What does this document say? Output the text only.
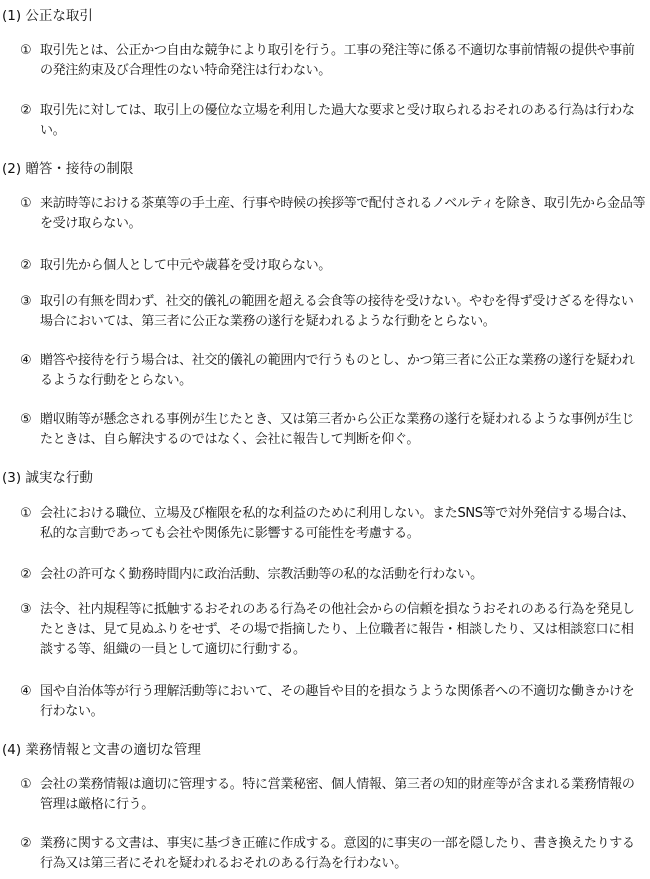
(1) 公正な取引
① 取引先とは、公正かつ自由な競争により取引を行う。工事の発注等に係る不適切な事前情報の提供や事前の発注約束及び合理性のない特命発注は行わない。
② 取引先に対しては、取引上の優位な立場を利用した過大な要求と受け取られるおそれのある行為は行わない。
(2) 贈答・接待の制限
① 来訪時等における茶菓等の手土産、行事や時候の挨拶等で配付されるノベルティを除き、取引先から金品等を受け取らない。
② 取引先から個人として中元や歳暮を受け取らない。
③ 取引の有無を問わず、社交的儀礼の範囲を超える会食等の接待を受けない。やむを得ず受けざるを得ない場合においては、第三者に公正な業務の遂行を疑われるような行動をとらない。
④ 贈答や接待を行う場合は、社交的儀礼の範囲内で行うものとし、かつ第三者に公正な業務の遂行を疑われるような行動をとらない。
⑤ 贈収賄等が懸念される事例が生じたとき、又は第三者から公正な業務の遂行を疑われるような事例が生じたときは、自ら解決するのではなく、会社に報告して判断を仰ぐ。
(3) 誠実な行動
① 会社における職位、立場及び権限を私的な利益のために利用しない。またSNS等で対外発信する場合は、私的な言動であっても会社や関係先に影響する可能性を考慮する。
② 会社の許可なく勤務時間内に政治活動、宗教活動等の私的な活動を行わない。
③ 法令、社内規程等に抵触するおそれのある行為その他社会からの信頼を損なうおそれのある行為を発見したときは、見て見ぬふりをせず、その場で指摘したり、上位職者に報告・相談したり、又は相談窓口に相談する等、組織の一員として適切に行動する。
④ 国や自治体等が行う理解活動等において、その趣旨や目的を損なうような関係者への不適切な働きかけを行わない。
(4) 業務情報と文書の適切な管理
① 会社の業務情報は適切に管理する。特に営業秘密、個人情報、第三者の知的財産等が含まれる業務情報の管理は厳格に行う。
② 業務に関する文書は、事実に基づき正確に作成する。意図的に事実の一部を隠したり、書き換えたりする行為又は第三者にそれを疑われるおそれのある行為を行わない。
